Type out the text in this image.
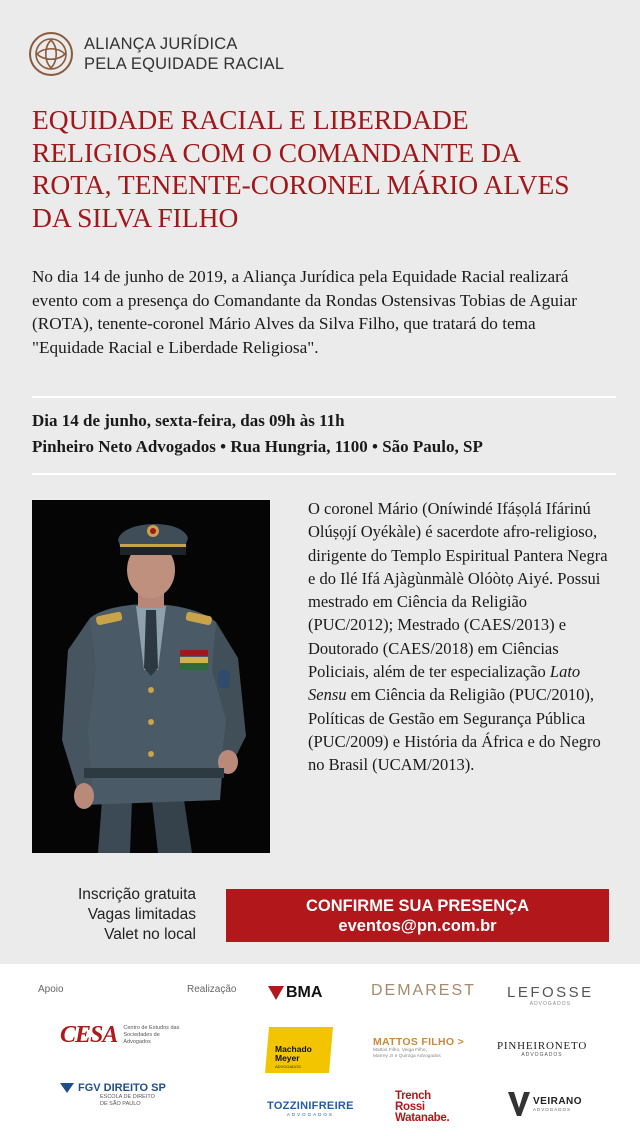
ALIANÇA JURÍDICA
PELA EQUIDADE RACIAL
EQUIDADE RACIAL E LIBERDADE RELIGIOSA COM O COMANDANTE DA ROTA, TENENTE-CORONEL MÁRIO ALVES DA SILVA FILHO

No dia 14 de junho de 2019, a Aliança Jurídica pela Equidade Racial realizará evento com a presença do Comandante da Rondas Ostensivas Tobias de Aguiar (ROTA), tenente-coronel Mário Alves da Silva Filho, que tratará do tema "Equidade Racial e Liberdade Religiosa".

Dia 14 de junho, sexta-feira, das 09h às 11h
Pinheiro Neto Advogados • Rua Hungria, 1100 • São Paulo, SP

O coronel Mário (Oníwindé Ifáṣọlá Ifárinú Olúṣọjí Oyékàle) é sacerdote afro-religioso, dirigente do Templo Espiritual Pantera Negra e do Ilé Ifá Ajàgùnmàlè Olóòtọ Aiyé. Possui mestrado em Ciência da Religião (PUC/2012); Mestrado (CAES/2013) e Doutorado (CAES/2018) em Ciências Policiais, além de ter especialização Lato Sensu em Ciência da Religião (PUC/2010), Políticas de Gestão em Segurança Pública (PUC/2009) e História da África e do Negro no Brasil (UCAM/2013).

Inscrição gratuita
Vagas limitadas
Valet no local
CONFIRME SUA PRESENÇA
eventos@pn.com.br
Apoio	Realização
CESA Centro de Estudos das Sociedades de Advogados
FGV DIREITO SP
ESCOLA DE DIREITO DE SÃO PAULO
BMA	DEMAREST LEFOSSE
ADVOGADOS
Machado Meyer
ADVOGADOS
MATTOS FILHO >
Mattos Filho, Veiga Filho, Marrey Jr e Quiroga Advogados
PINHEIRONETO
ADVOGADOS
TOZZINIFREIRE
ADVOGADOS
Trench
Rossi
Watanabe.
VEIRANO
ADVOGADOS
